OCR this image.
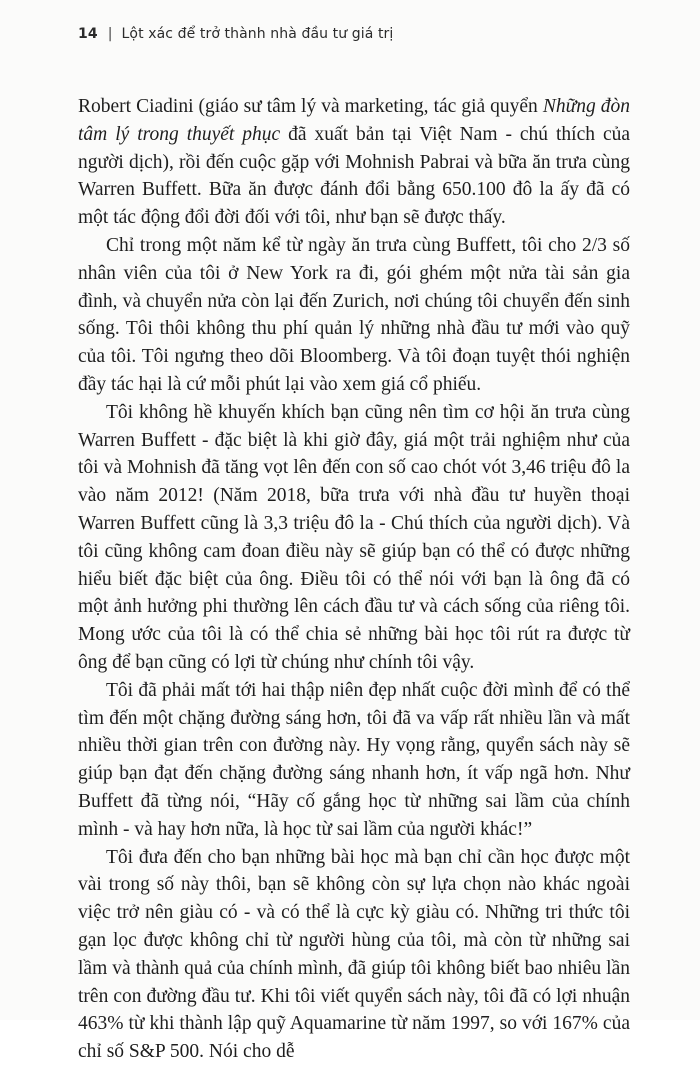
14 | Lột xác để trở thành nhà đầu tư giá trị

Robert Ciadini (giáo sư tâm lý và marketing, tác giả quyển Những đòn tâm lý trong thuyết phục đã xuất bản tại Việt Nam - chú thích của người dịch), rồi đến cuộc gặp với Mohnish Pabrai và bữa ăn trưa cùng Warren Buffett. Bữa ăn được đánh đổi bằng 650.100 đô la ấy đã có một tác động đổi đời đối với tôi, như bạn sẽ được thấy.

Chỉ trong một năm kể từ ngày ăn trưa cùng Buffett, tôi cho 2/3 số nhân viên của tôi ở New York ra đi, gói ghém một nửa tài sản gia đình, và chuyển nửa còn lại đến Zurich, nơi chúng tôi chuyển đến sinh sống. Tôi thôi không thu phí quản lý những nhà đầu tư mới vào quỹ của tôi. Tôi ngưng theo dõi Bloomberg. Và tôi đoạn tuyệt thói nghiện đầy tác hại là cứ mỗi phút lại vào xem giá cổ phiếu.

Tôi không hề khuyến khích bạn cũng nên tìm cơ hội ăn trưa cùng Warren Buffett - đặc biệt là khi giờ đây, giá một trải nghiệm như của tôi và Mohnish đã tăng vọt lên đến con số cao chót vót 3,46 triệu đô la vào năm 2012! (Năm 2018, bữa trưa với nhà đầu tư huyền thoại Warren Buffett cũng là 3,3 triệu đô la - Chú thích của người dịch). Và tôi cũng không cam đoan điều này sẽ giúp bạn có thể có được những hiểu biết đặc biệt của ông. Điều tôi có thể nói với bạn là ông đã có một ảnh hưởng phi thường lên cách đầu tư và cách sống của riêng tôi. Mong ước của tôi là có thể chia sẻ những bài học tôi rút ra được từ ông để bạn cũng có lợi từ chúng như chính tôi vậy.

Tôi đã phải mất tới hai thập niên đẹp nhất cuộc đời mình để có thể tìm đến một chặng đường sáng hơn, tôi đã va vấp rất nhiều lần và mất nhiều thời gian trên con đường này. Hy vọng rằng, quyển sách này sẽ giúp bạn đạt đến chặng đường sáng nhanh hơn, ít vấp ngã hơn. Như Buffett đã từng nói, “Hãy cố gắng học từ những sai lầm của chính mình - và hay hơn nữa, là học từ sai lầm của người khác!”

Tôi đưa đến cho bạn những bài học mà bạn chỉ cần học được một vài trong số này thôi, bạn sẽ không còn sự lựa chọn nào khác ngoài việc trở nên giàu có - và có thể là cực kỳ giàu có. Những tri thức tôi gạn lọc được không chỉ từ người hùng của tôi, mà còn từ những sai lầm và thành quả của chính mình, đã giúp tôi không biết bao nhiêu lần trên con đường đầu tư. Khi tôi viết quyển sách này, tôi đã có lợi nhuận 463% từ khi thành lập quỹ Aquamarine từ năm 1997, so với 167% của chỉ số S&P 500. Nói cho dễ
